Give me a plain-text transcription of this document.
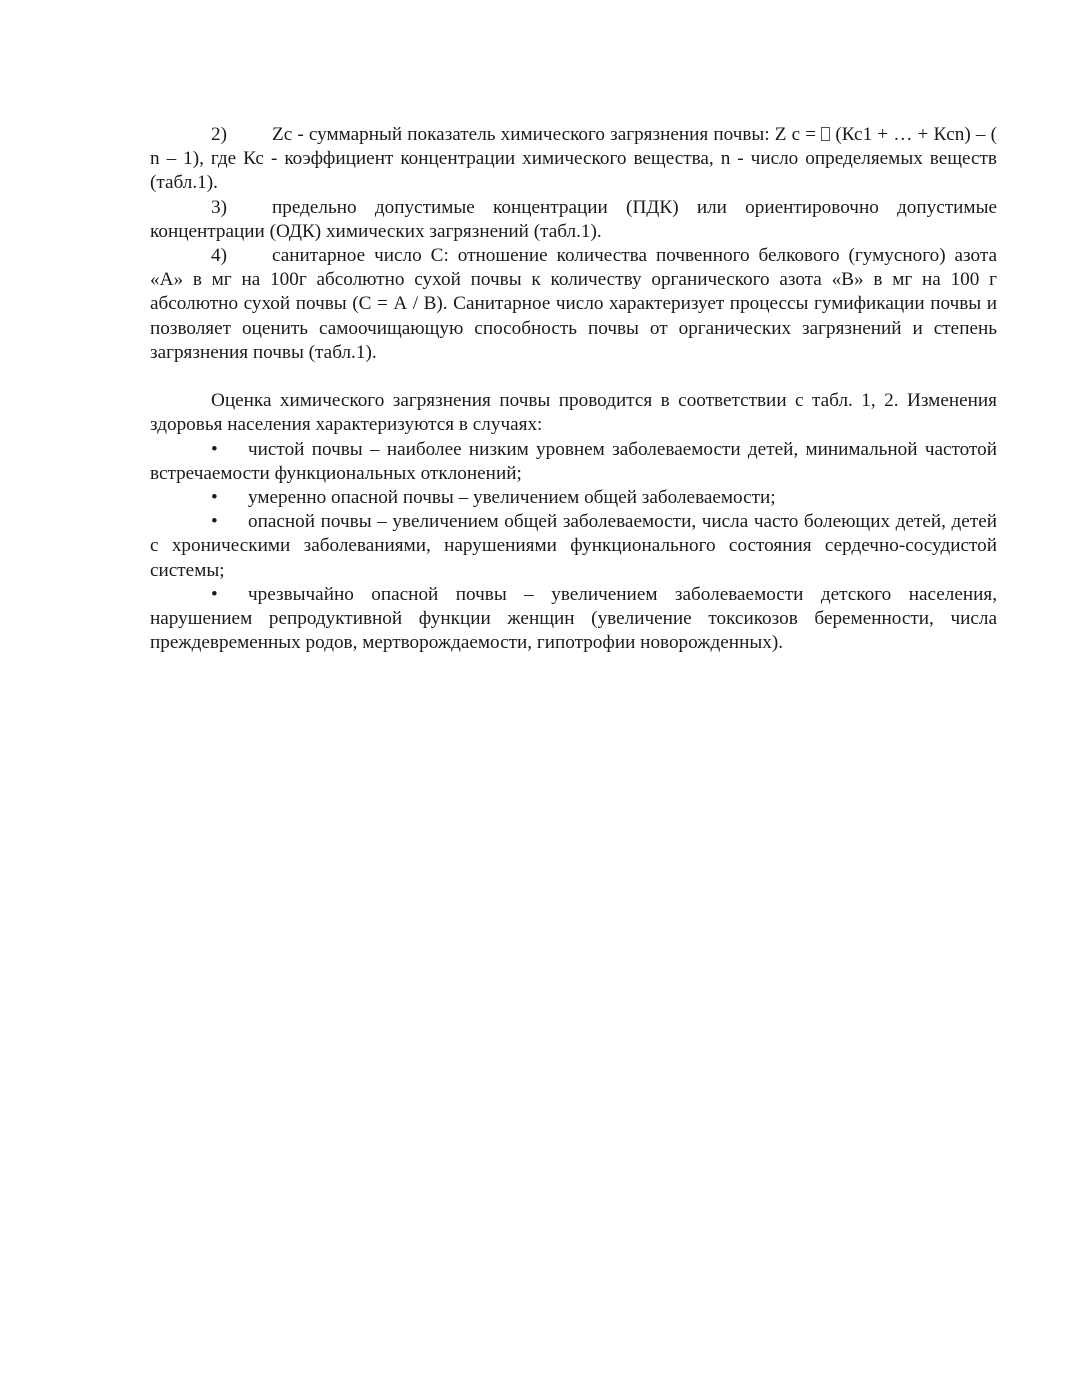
2) Zc - суммарный показатель химического загрязнения почвы: Z c =  (Кс1 + … + Кcn) – ( n – 1), где Кс - коэффициент концентрации химического вещества, n - число определяемых веществ (табл.1).

3) предельно допустимые концентрации (ПДК) или ориентировочно допустимые концентрации (ОДК) химических загрязнений (табл.1).

4) санитарное число С: отношение количества почвенного белкового (гумусного) азота «А» в мг на 100г абсолютно сухой почвы к количеству органического азота «В» в мг на 100 г абсолютно сухой почвы (С = А / В). Санитарное число характеризует процессы гумификации почвы и позволяет оценить самоочищающую способность почвы от органических загрязнений и степень загрязнения почвы (табл.1).

Оценка химического загрязнения почвы проводится в соответствии с табл. 1, 2. Изменения здоровья населения характеризуются в случаях:

• чистой почвы – наиболее низким уровнем заболеваемости детей, минимальной частотой встречаемости функциональных отклонений;

• умеренно опасной почвы – увеличением общей заболеваемости;

• опасной почвы – увеличением общей заболеваемости, числа часто болеющих детей, детей с хроническими заболеваниями, нарушениями функционального состояния сердечно-сосудистой системы;

• чрезвычайно опасной почвы – увеличением заболеваемости детского населения, нарушением репродуктивной функции женщин (увеличение токсикозов беременности, числа преждевременных родов, мертворождаемости, гипотрофии новорожденных).
